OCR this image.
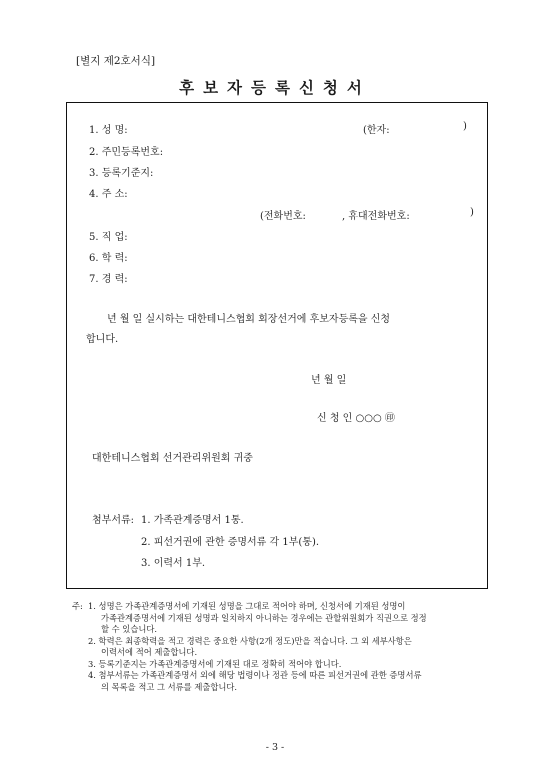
[별지 제2호서식]
후보자등록신청서
1. 성 명:	(한자:	)
2. 주민등록번호:
3. 등록기준지:
4. 주 소:
(전화번호:	, 휴대전화번호:	)
5. 직 업:
6. 학 력:
7. 경 력:
년 월 일 실시하는 대한테니스협회 회장선거에 후보자등록을 신청
합니다.
년 월 일
신 청 인 ○○○ ㊞
대한테니스협회 선거관리위원회 귀중
첨부서류: 1. 가족관계증명서 1통.
2. 피선거권에 관한 증명서류 각 1부(통).
3. 이력서 1부.
주: 1. 성명은 가족관계증명서에 기재된 성명을 그대로 적어야 하며, 신청서에 기재된 성명이
가족관계증명서에 기재된 성명과 일치하지 아니하는 경우에는 관할위원회가 직권으로 정정
할 수 있습니다.
2. 학력은 최종학력을 적고 경력은 중요한 사항(2개 정도)만을 적습니다. 그 외 세부사항은
이력서에 적어 제출합니다.
3. 등록기준지는 가족관계증명서에 기재된 대로 정확히 적어야 합니다.
4. 첨부서류는 가족관계증명서 외에 해당 법령이나 정관 등에 따른 피선거권에 관한 증명서류
의 목록을 적고 그 서류를 제출합니다.
- 3 -
